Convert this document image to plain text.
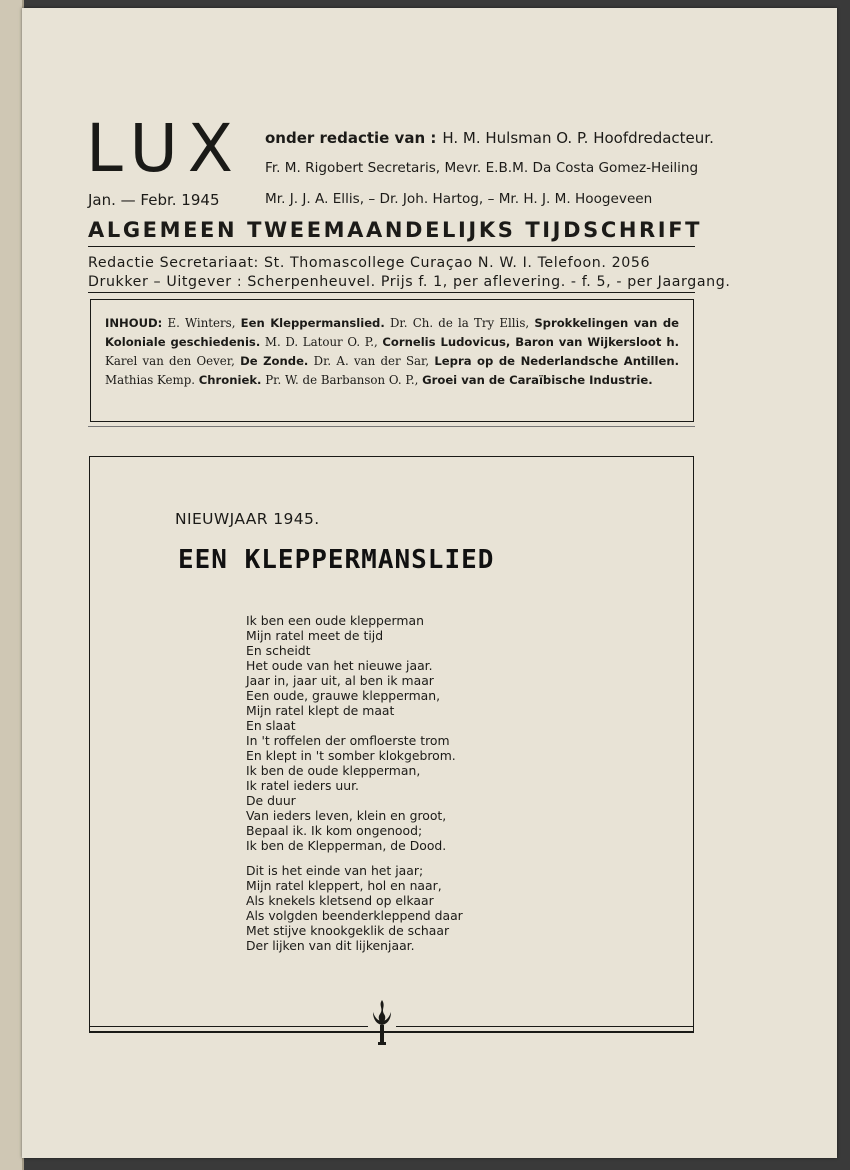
LUX
Jan. — Febr. 1945
onder redactie van : H. M. Hulsman O. P. Hoofdredacteur.
Fr. M. Rigobert Secretaris, Mevr. E.B.M. Da Costa Gomez-Heiling
Mr. J. J. A. Ellis, – Dr. Joh. Hartog, – Mr. H. J. M. Hoogeveen
ALGEMEEN TWEEMAANDELIJKS TIJDSCHRIFT
Redactie Secretariaat: St. Thomascollege Curaçao N. W. I. Telefoon. 2056
Drukker – Uitgever : Scherpenheuvel. Prijs f. 1, per aflevering. - f. 5, - per Jaargang.
INHOUD: E. Winters, Een Kleppermanslied. Dr. Ch. de la Try Ellis, Sprokkelingen van de Koloniale geschiedenis. M. D. Latour O. P., Cornelis Ludovicus, Baron van Wijkersloot h. Karel van den Oever, De Zonde. Dr. A. van der Sar, Lepra op de Nederlandsche Antillen. Mathias Kemp. Chroniek. Pr. W. de Barbanson O. P., Groei van de Caraïbische Industrie.
NIEUWJAAR 1945.
EEN KLEPPERMANSLIED
Ik ben een oude klepperman
Mijn ratel meet de tijd
En scheidt
Het oude van het nieuwe jaar.
Jaar in, jaar uit, al ben ik maar
Een oude, grauwe klepperman,
Mijn ratel klept de maat
En slaat
In 't roffelen der omfloerste trom
En klept in 't somber klokgebrom.
Ik ben de oude klepperman,
Ik ratel ieders uur.
De duur
Van ieders leven, klein en groot,
Bepaal ik. Ik kom ongenood;
Ik ben de Klepperman, de Dood.
Dit is het einde van het jaar;
Mijn ratel kleppert, hol en naar,
Als knekels kletsend op elkaar
Als volgden beenderkleppend daar
Met stijve knookgeklik de schaar
Der lijken van dit lijkenjaar.
